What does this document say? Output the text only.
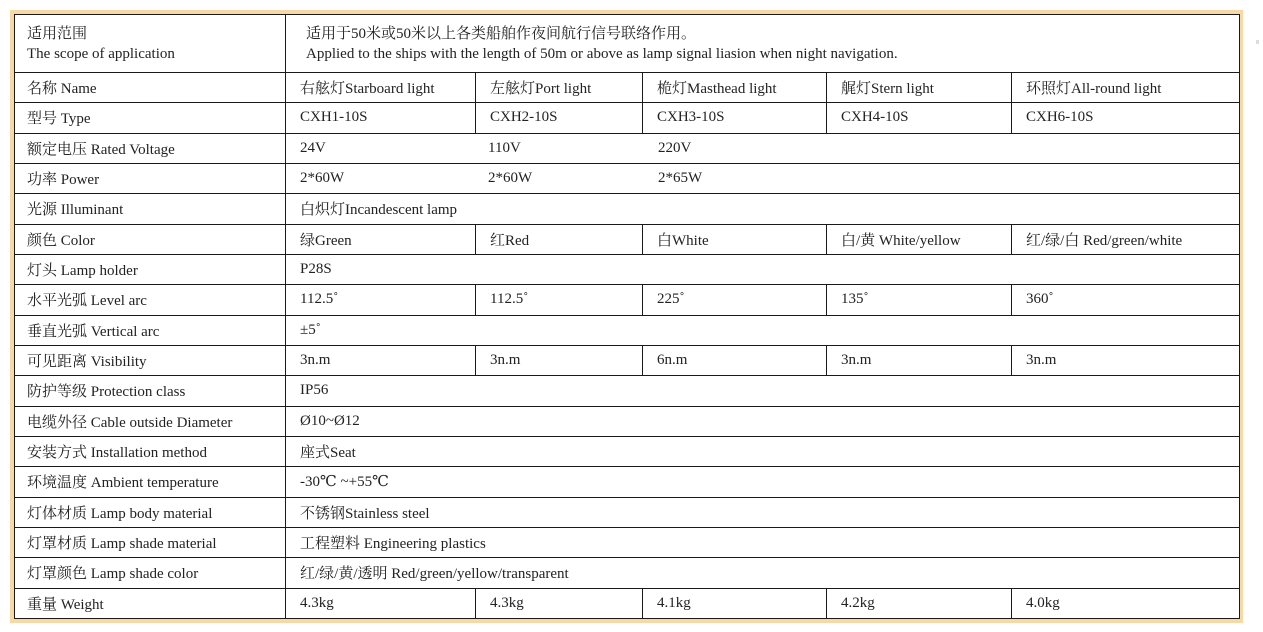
适用范围
The scope of application	适用于50米或50米以上各类船舶作夜间航行信号联络作用。
Applied to the ships with the length of 50m or above as lamp signal liasion when night navigation.				

名称 Name	右舷灯Starboard light	左舷灯Port light	桅灯Masthead light	艉灯Stern light	环照灯All-round light
型号 Type	CXH1-10S	CXH2-10S	CXH3-10S	CXH4-10S	CXH6-10S
额定电压 Rated Voltage	24V 110V 220V				
功率 Power	2*60W 2*60W 2*65W				
光源 Illuminant	白炽灯Incandescent lamp				
颜色 Color	绿Green	红Red	白White	白/黄 White/yellow	红/绿/白 Red/green/white
灯头 Lamp holder	P28S				
水平光弧 Level arc	112.5˚	112.5˚	225˚	135˚	360˚
垂直光弧 Vertical arc	±5˚				
可见距离 Visibility	3n.m	3n.m	6n.m	3n.m	3n.m
防护等级 Protection class	IP56				
电缆外径 Cable outside Diameter	Ø10~Ø12				
安装方式 Installation method	座式Seat				
环境温度 Ambient temperature	-30℃ ~+55℃				
灯体材质 Lamp body material	不锈钢Stainless steel				
灯罩材质 Lamp shade material	工程塑料 Engineering plastics				
灯罩颜色 Lamp shade color	红/绿/黄/透明 Red/green/yellow/transparent				
重量 Weight	4.3kg	4.3kg	4.1kg	4.2kg	4.0kg
